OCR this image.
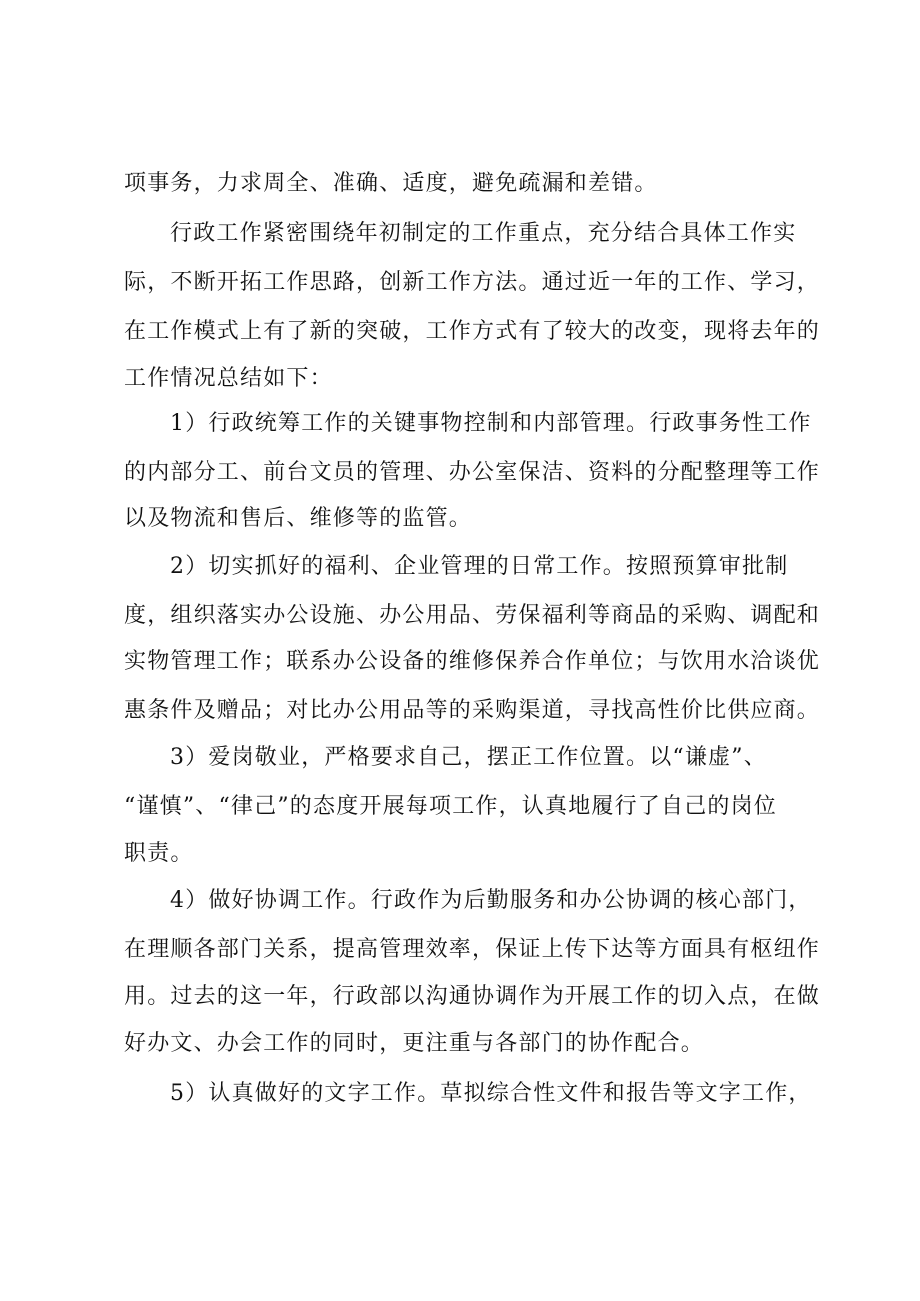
项事务，力求周全、准确、适度，避免疏漏和差错。
行政工作紧密围绕年初制定的工作重点，充分结合具体工作实
际，不断开拓工作思路，创新工作方法。通过近一年的工作、学习，
在工作模式上有了新的突破，工作方式有了较大的改变，现将去年的
工作情况总结如下：
1）行政统筹工作的关键事物控制和内部管理。行政事务性工作
的内部分工、前台文员的管理、办公室保洁、资料的分配整理等工作
以及物流和售后、维修等的监管。
2）切实抓好的福利、企业管理的日常工作。按照预算审批制
度，组织落实办公设施、办公用品、劳保福利等商品的采购、调配和
实物管理工作；联系办公设备的维修保养合作单位；与饮用水洽谈优
惠条件及赠品；对比办公用品等的采购渠道，寻找高性价比供应商。
3）爱岗敬业，严格要求自己，摆正工作位置。以“谦虚”、
“谨慎”、“律己”的态度开展每项工作，认真地履行了自己的岗位
职责。
4）做好协调工作。行政作为后勤服务和办公协调的核心部门，
在理顺各部门关系，提高管理效率，保证上传下达等方面具有枢纽作
用。过去的这一年，行政部以沟通协调作为开展工作的切入点，在做
好办文、办会工作的同时，更注重与各部门的协作配合。
5）认真做好的文字工作。草拟综合性文件和报告等文字工作，
